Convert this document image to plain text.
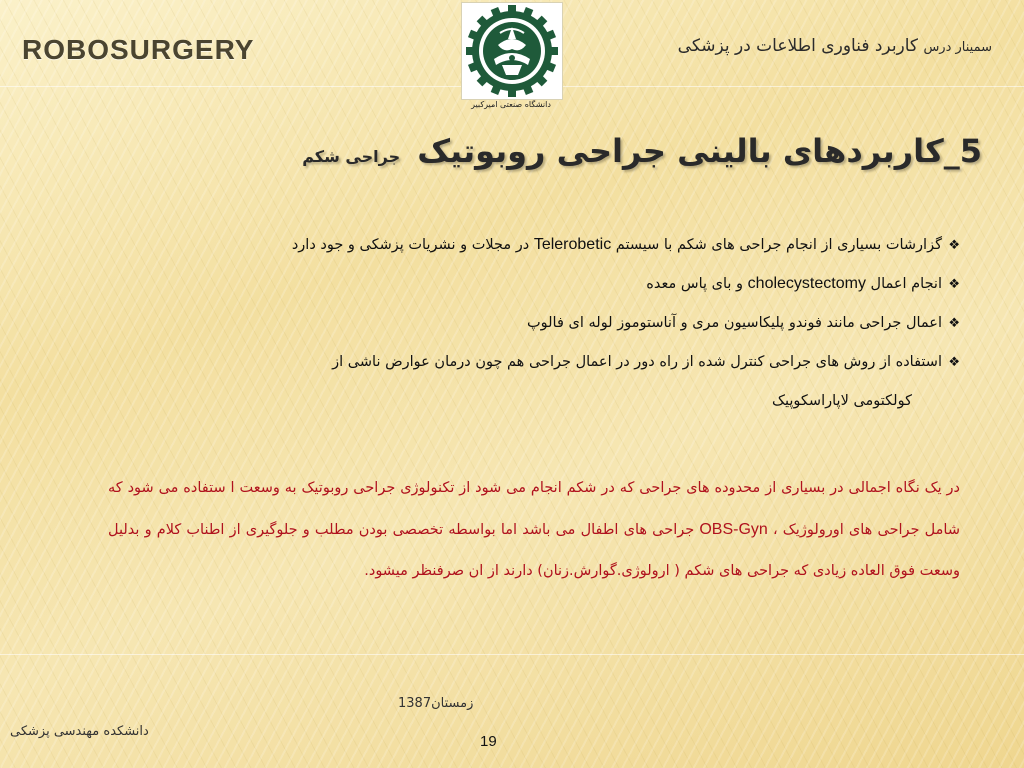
ROBOSURGERY	سمینار درس کاربرد فناوری اطلاعات در پزشکی
دانشگاه صنعتی امیرکبیر
5_کاربردهای بالینی جراحی روبوتیک جراحی شکم
❖گزارشات بسیاری از انجام جراحی های شکم با سیستم Telerobetic در مجلات و نشریات پزشکی و جود دارد
❖انجام اعمال cholecystectomy و بای پاس معده
❖اعمال جراحی مانند فوندو پلیکاسیون مری و آناستوموز لوله ای فالوپ
❖استفاده از روش های جراحی کنترل شده از راه دور در اعمال جراحی هم چون درمان عوارض ناشی از
کولکتومی لاپاراسکوپیک
در یک نگاه اجمالی در بسیاری از محدوده های جراحی که در شکم انجام می شود از تکنولوژی جراحی روبوتیک به وسعت ا ستفاده می شود که شامل جراحی های اورولوژیک ، OBS-Gyn جراحی های اطفال می باشد اما بواسطه تخصصی بودن مطلب و جلوگیری از اطناب کلام و بدلیل وسعت فوق العاده زیادی که جراحی های شکم ( ارولوژی.گوارش.زنان) دارند از ان صرفنظر میشود.
زمستان1387
دانشکده مهندسی پزشکی
19
